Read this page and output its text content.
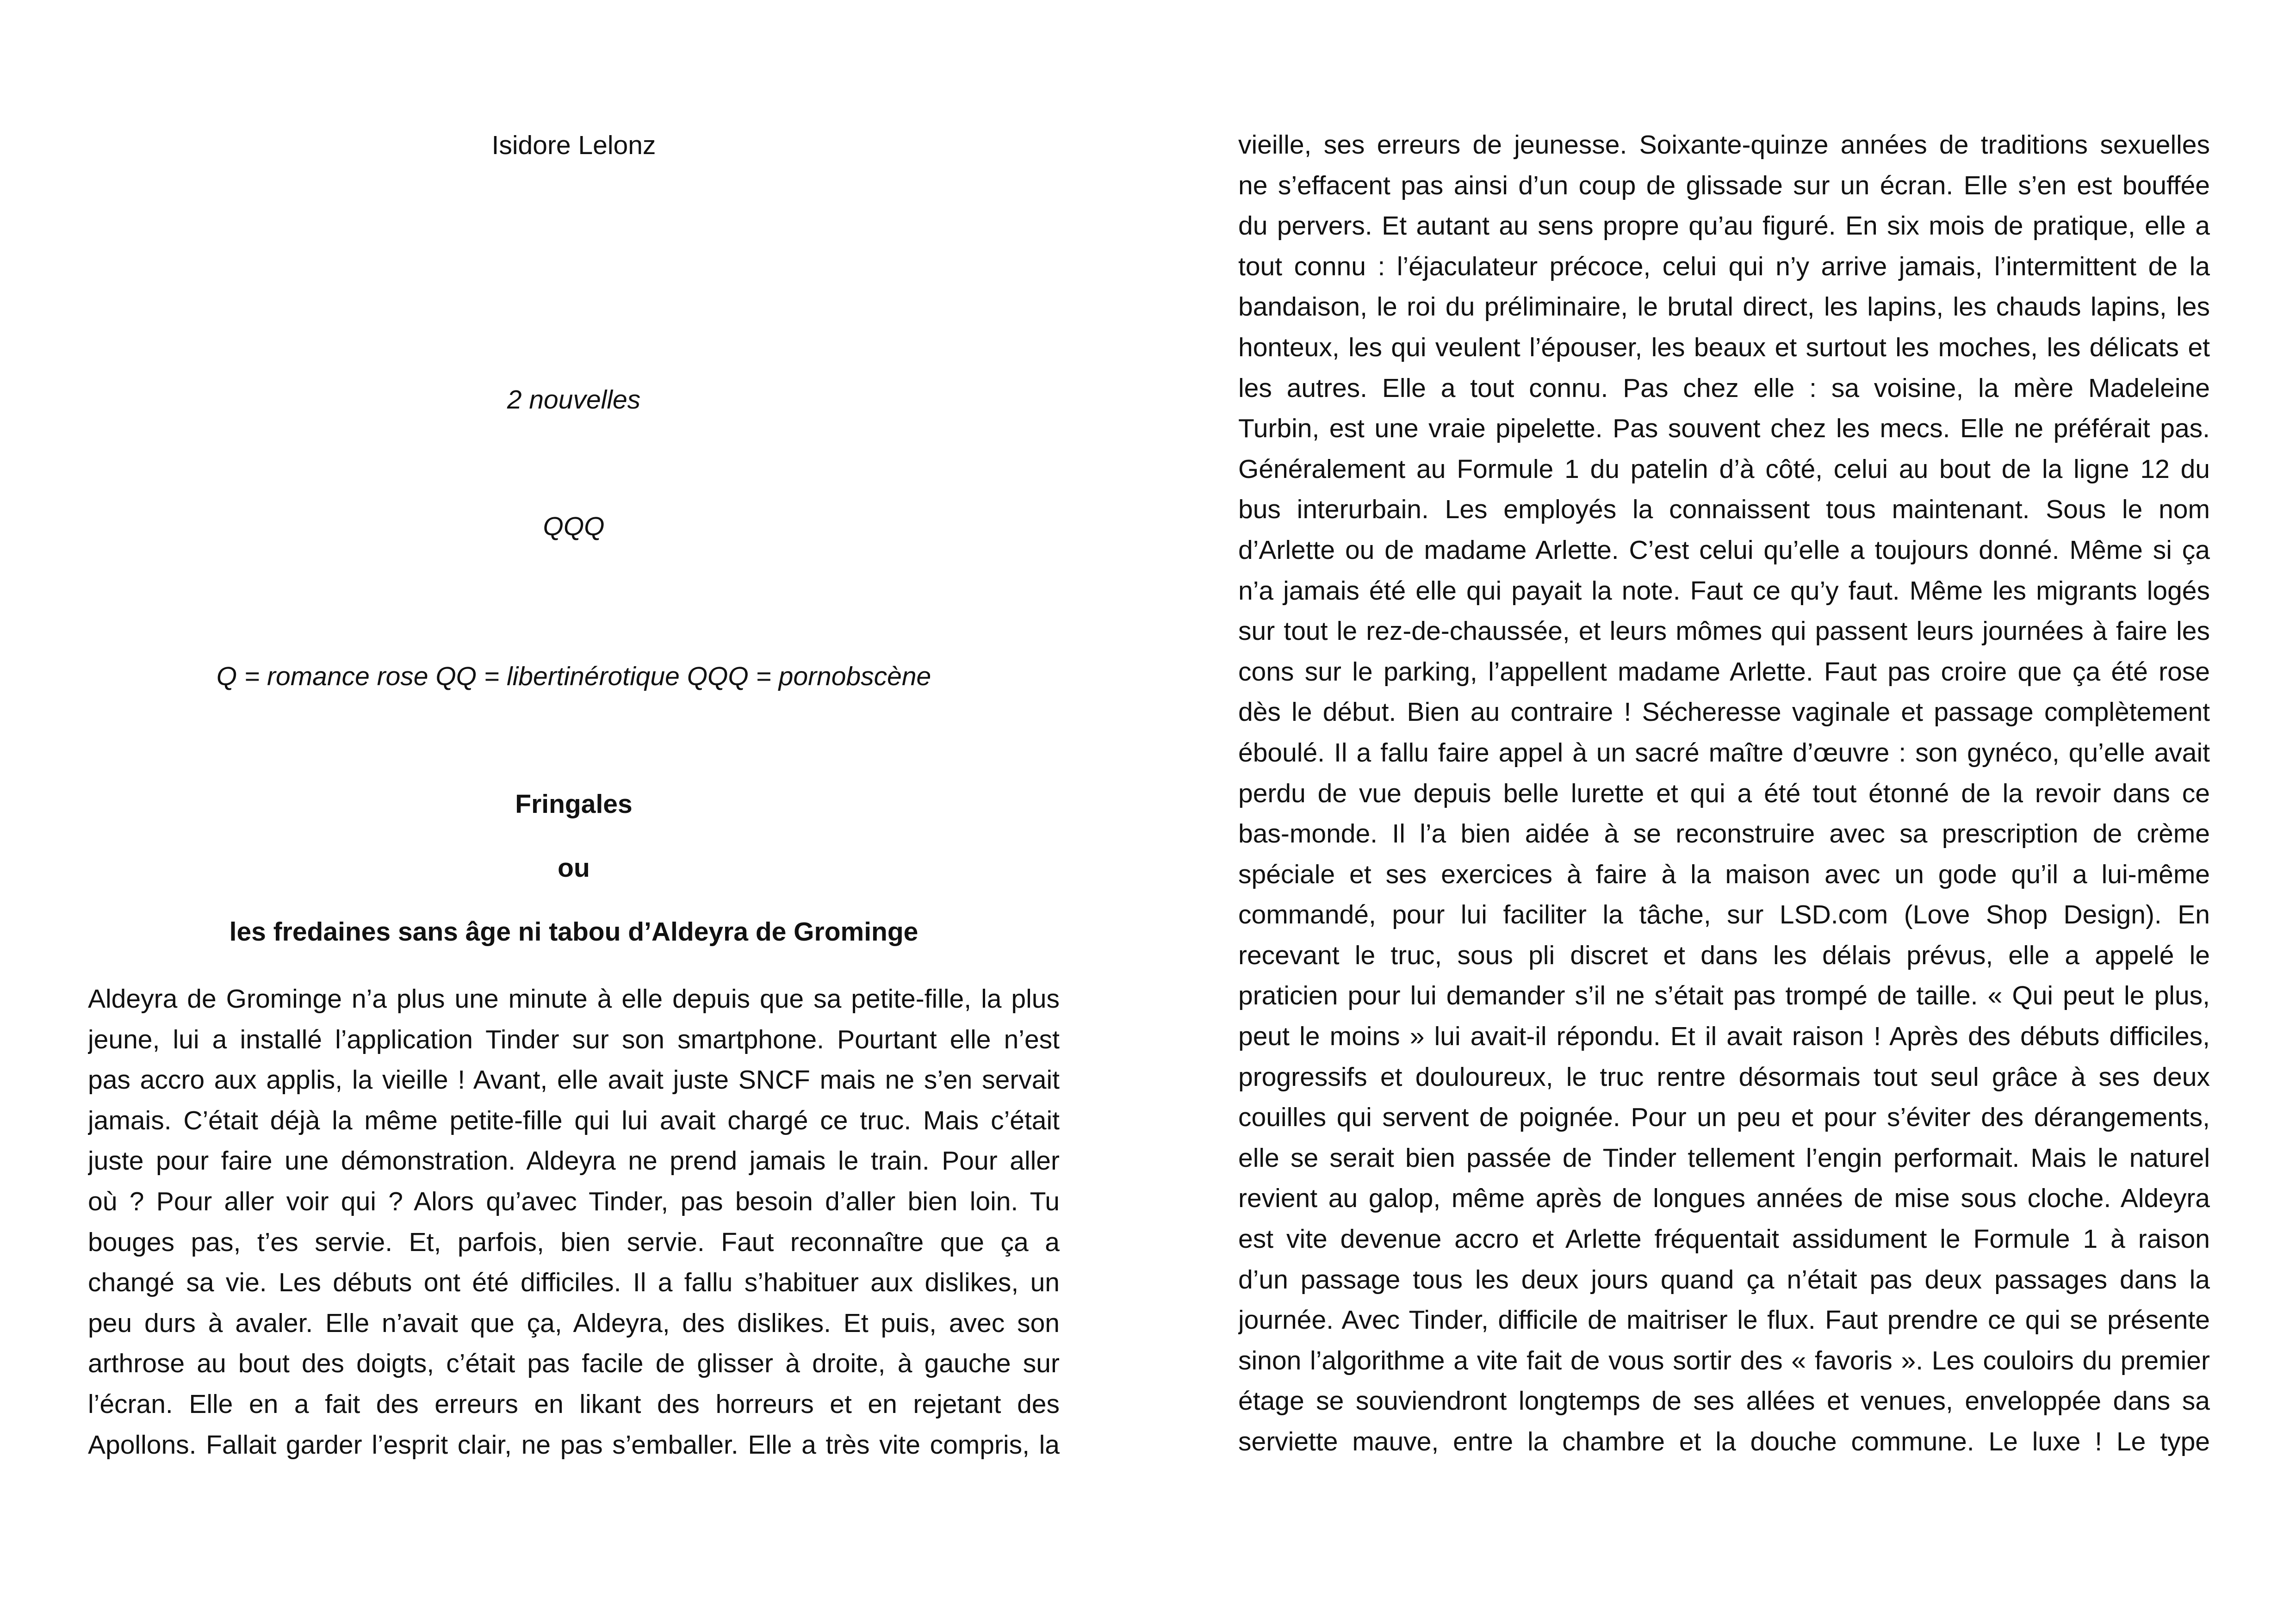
Isidore Lelonz

2 nouvelles

QQQ

Q = romance rose QQ = libertinérotique QQQ = pornobscène

Fringales

ou

les fredaines sans âge ni tabou d’Aldeyra de Grominge

Aldeyra de Grominge n’a plus une minute à elle depuis que sa petite-fille, la plus
jeune, lui a installé l’application Tinder sur son smartphone. Pourtant elle n’est
pas accro aux applis, la vieille ! Avant, elle avait juste SNCF mais ne s’en servait
jamais. C’était déjà la même petite-fille qui lui avait chargé ce truc. Mais c’était
juste pour faire une démonstration. Aldeyra ne prend jamais le train. Pour aller
où ? Pour aller voir qui ? Alors qu’avec Tinder, pas besoin d’aller bien loin. Tu
bouges pas, t’es servie. Et, parfois, bien servie. Faut reconnaître que ça a
changé sa vie. Les débuts ont été difficiles. Il a fallu s’habituer aux dislikes, un
peu durs à avaler. Elle n’avait que ça, Aldeyra, des dislikes. Et puis, avec son
arthrose au bout des doigts, c’était pas facile de glisser à droite, à gauche sur
l’écran. Elle en a fait des erreurs en likant des horreurs et en rejetant des
Apollons. Fallait garder l’esprit clair, ne pas s’emballer. Elle a très vite compris, la
vieille, ses erreurs de jeunesse. Soixante-quinze années de traditions sexuelles
ne s’effacent pas ainsi d’un coup de glissade sur un écran. Elle s’en est bouffée
du pervers. Et autant au sens propre qu’au figuré. En six mois de pratique, elle a
tout connu : l’éjaculateur précoce, celui qui n’y arrive jamais, l’intermittent de la
bandaison, le roi du préliminaire, le brutal direct, les lapins, les chauds lapins, les
honteux, les qui veulent l’épouser, les beaux et surtout les moches, les délicats et
les autres. Elle a tout connu. Pas chez elle : sa voisine, la mère Madeleine
Turbin, est une vraie pipelette. Pas souvent chez les mecs. Elle ne préférait pas.
Généralement au Formule 1 du patelin d’à côté, celui au bout de la ligne 12 du
bus interurbain. Les employés la connaissent tous maintenant. Sous le nom
d’Arlette ou de madame Arlette. C’est celui qu’elle a toujours donné. Même si ça
n’a jamais été elle qui payait la note. Faut ce qu’y faut. Même les migrants logés
sur tout le rez-de-chaussée, et leurs mômes qui passent leurs journées à faire les
cons sur le parking, l’appellent madame Arlette. Faut pas croire que ça été rose
dès le début. Bien au contraire ! Sécheresse vaginale et passage complètement
éboulé. Il a fallu faire appel à un sacré maître d’œuvre : son gynéco, qu’elle avait
perdu de vue depuis belle lurette et qui a été tout étonné de la revoir dans ce
bas-monde. Il l’a bien aidée à se reconstruire avec sa prescription de crème
spéciale et ses exercices à faire à la maison avec un gode qu’il a lui-même
commandé, pour lui faciliter la tâche, sur LSD.com (Love Shop Design). En
recevant le truc, sous pli discret et dans les délais prévus, elle a appelé le
praticien pour lui demander s’il ne s’était pas trompé de taille. « Qui peut le plus,
peut le moins » lui avait-il répondu. Et il avait raison ! Après des débuts difficiles,
progressifs et douloureux, le truc rentre désormais tout seul grâce à ses deux
couilles qui servent de poignée. Pour un peu et pour s’éviter des dérangements,
elle se serait bien passée de Tinder tellement l’engin performait. Mais le naturel
revient au galop, même après de longues années de mise sous cloche. Aldeyra
est vite devenue accro et Arlette fréquentait assidument le Formule 1 à raison
d’un passage tous les deux jours quand ça n’était pas deux passages dans la
journée. Avec Tinder, difficile de maitriser le flux. Faut prendre ce qui se présente
sinon l’algorithme a vite fait de vous sortir des « favoris ». Les couloirs du premier
étage se souviendront longtemps de ses allées et venues, enveloppée dans sa
serviette mauve, entre la chambre et la douche commune. Le luxe ! Le type
